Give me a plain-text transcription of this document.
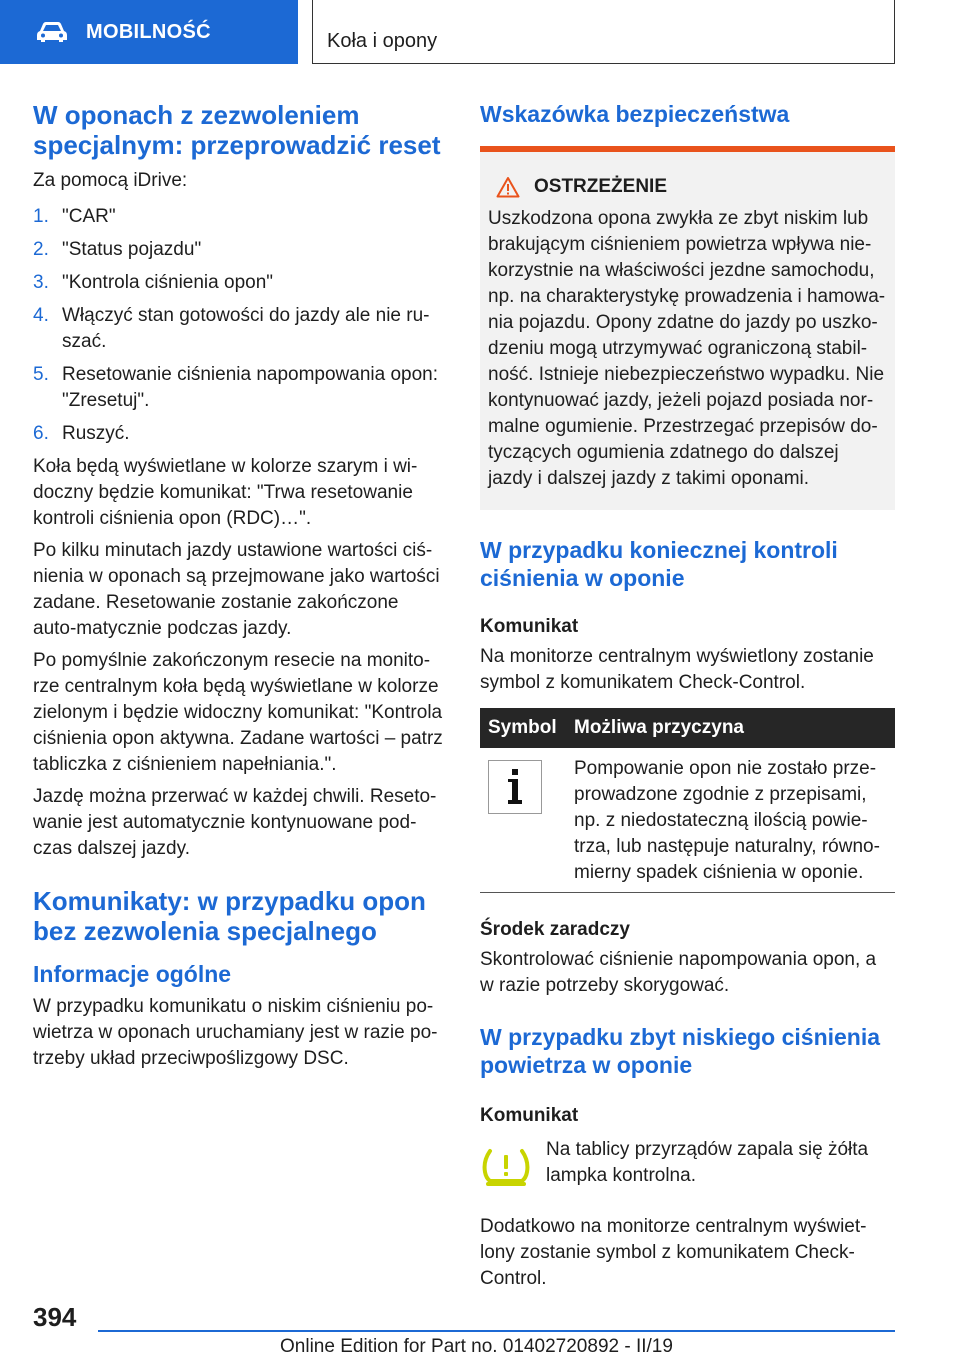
MOBILNOŚĆ	Koła i opony
W oponach z zezwoleniem specjalnym: przeprowadzić reset

Za pomocą iDrive:

1. "CAR"
2. "Status pojazdu"
3. "Kontrola ciśnienia opon"
4. Włączyć stan gotowości do jazdy ale nie ru-szać.
5. Resetowanie ciśnienia napompowania opon: "Zresetuj".
6. Ruszyć.

Koła będą wyświetlane w kolorze szarym i wi-doczny będzie komunikat: "Trwa resetowanie kontroli ciśnienia opon (RDC)…".

Po kilku minutach jazdy ustawione wartości ciś-nienia w oponach są przejmowane jako wartości zadane. Resetowanie zostanie zakończone auto-matycznie podczas jazdy.

Po pomyślnie zakończonym resecie na monito-rze centralnym koła będą wyświetlane w kolorze zielonym i będzie widoczny komunikat: "Kontrola ciśnienia opon aktywna. Zadane wartości – patrz tabliczka z ciśnieniem napełniania.".

Jazdę można przerwać w każdej chwili. Reseto-wanie jest automatycznie kontynuowane pod-czas dalszej jazdy.

Komunikaty: w przypadku opon bez zezwolenia specjalnego
Informacje ogólne

W przypadku komunikatu o niskim ciśnieniu po-wietrza w oponach uruchamiany jest w razie po-trzeby układ przeciwpoślizgowy DSC.

Wskazówka bezpieczeństwa
OSTRZEŻENIE

Uszkodzona opona zwykła ze zbyt niskim lub brakującym ciśnieniem powietrza wpływa nie-korzystnie na właściwości jezdne samochodu, np. na charakterystykę prowadzenia i hamowa-nia pojazdu. Opony zdatne do jazdy po uszko-dzeniu mogą utrzymywać ograniczoną stabil-ność. Istnieje niebezpieczeństwo wypadku. Nie kontynuować jazdy, jeżeli pojazd posiada nor-malne ogumienie. Przestrzegać przepisów do-tyczących ogumienia zdatnego do dalszej jazdy i dalszej jazdy z takimi oponami.

W przypadku koniecznej kontroli ciśnienia w oponie
Komunikat

Na monitorze centralnym wyświetlony zostanie symbol z komunikatem Check-Control.

Symbol Możliwa przyczyna
Pompowanie opon nie zostało prze-prowadzone zgodnie z przepisami, np. z niedostateczną ilością powie-trza, lub następuje naturalny, równo-mierny spadek ciśnienia w oponie.
Środek zaradczy

Skontrolować ciśnienie napompowania opon, a w razie potrzeby skorygować.

W przypadku zbyt niskiego ciśnienia powietrza w oponie
Komunikat

Na tablicy przyrządów zapala się żółta lampka kontrolna.

Dodatkowo na monitorze centralnym wyświet-lony zostanie symbol z komunikatem Check-Control.

394
Online Edition for Part no. 01402720892 - II/19
